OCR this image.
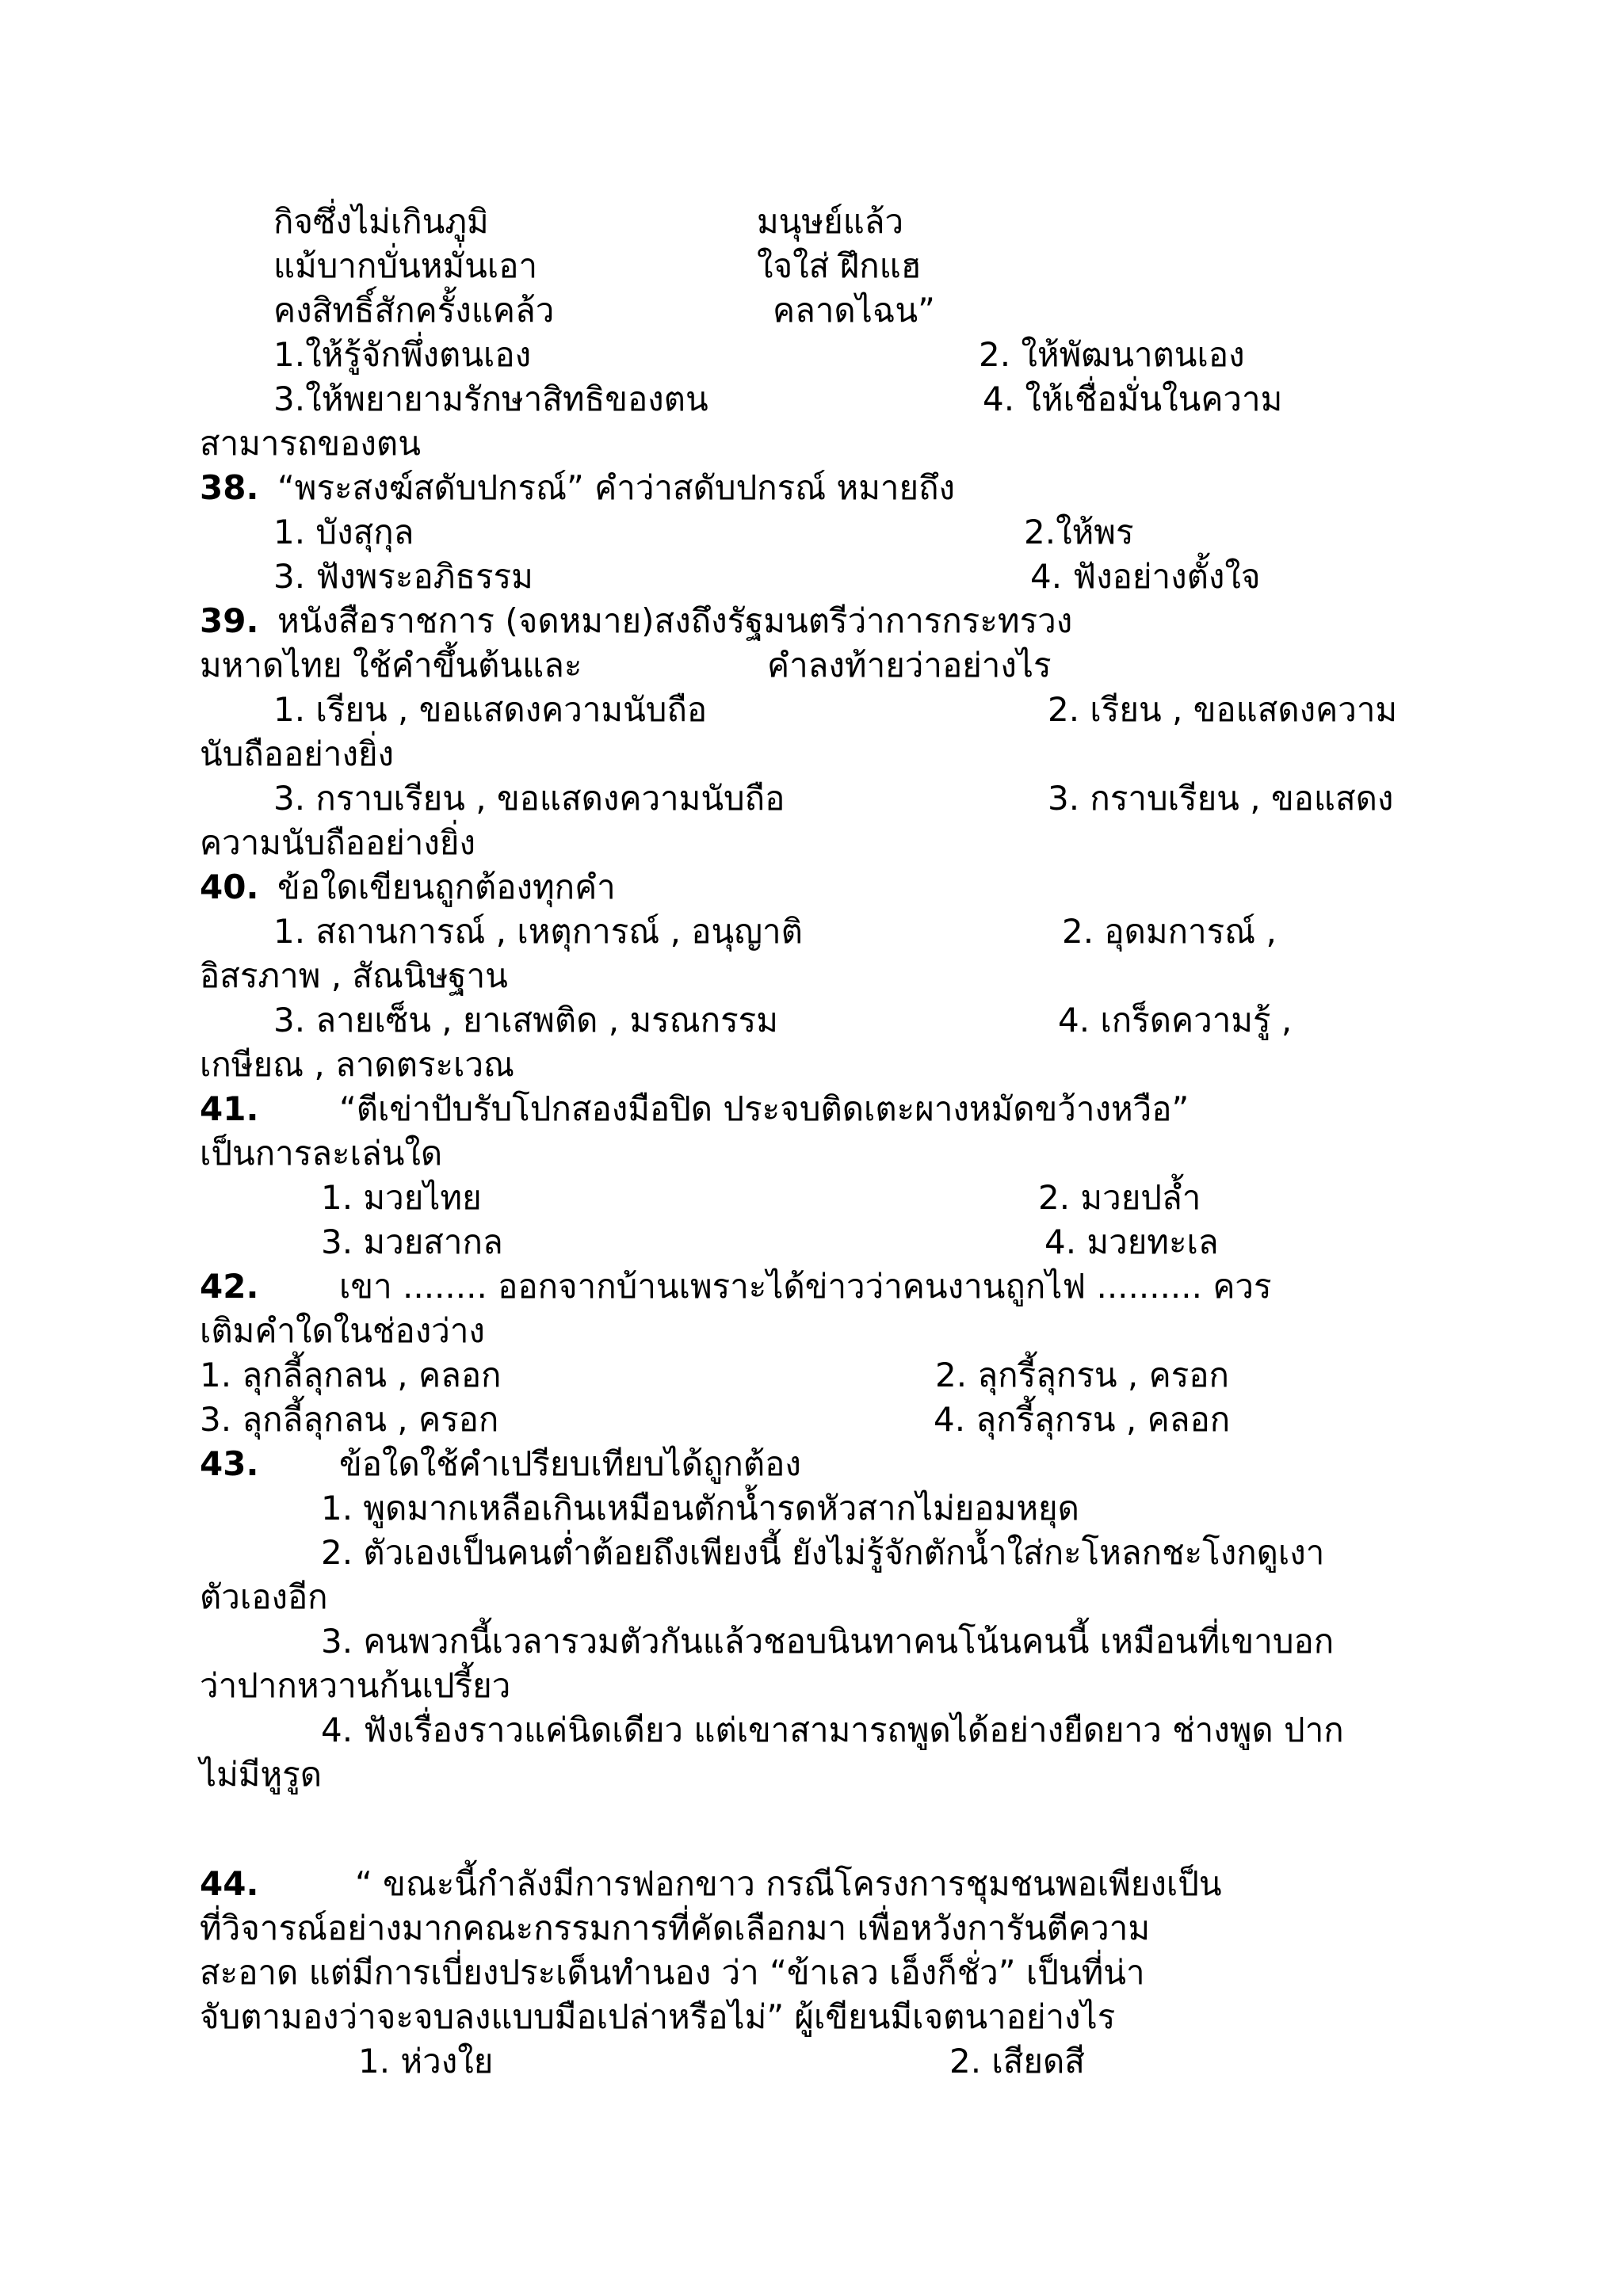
กิจซึ่งไม่เกินภูมิ	มนุษย์แล้ว

แม้บากบั่นหมั่นเอา	ใจใส่ ฝึกแฮ

คงสิทธิ์สักครั้งแคล้ว	คลาดไฉน”

1.ให้รู้จักพึ่งตนเอง	2. ให้พัฒนาตนเอง

3.ให้พยายามรักษาสิทธิของตน	4. ให้เชื่อมั่นในความ

สามารถของตน

38. “พระสงฆ์สดับปกรณ์” คำว่าสดับปกรณ์ หมายถึง

1. บังสุกุล	2.ให้พร

3. ฟังพระอภิธรรม	4. ฟังอย่างตั้งใจ

39. หนังสือราชการ (จดหมาย)สงถึงรัฐมนตรีว่าการกระทรวง

มหาดไทย ใช้คำขึ้นต้นและ	คำลงท้ายว่าอย่างไร

1. เรียน , ขอแสดงความนับถือ	2. เรียน , ขอแสดงความ

นับถืออย่างยิ่ง

3. กราบเรียน , ขอแสดงความนับถือ	3. กราบเรียน , ขอแสดง

ความนับถืออย่างยิ่ง

40. ข้อใดเขียนถูกต้องทุกคำ

1. สถานการณ์ , เหตุการณ์ , อนุญาติ	2. อุดมการณ์ ,

อิสรภาพ , สัณนิษฐาน

3. ลายเซ็น , ยาเสพติด , มรณกรรม	4. เกร็ดความรู้ ,

เกษียณ , ลาดตระเวณ

41. “ตีเข่าปับรับโปกสองมือปิด ประจบติดเตะผางหมัดขว้างหวือ”

เป็นการละเล่นใด

1. มวยไทย	2. มวยปล้ำ

3. มวยสากล	4. มวยทะเล

42. เขา ........ ออกจากบ้านเพราะได้ข่าวว่าคนงานถูกไฟ .......... ควร

เติมคำใดในช่องว่าง

1. ลุกลี้ลุกลน , คลอก	2. ลุกรี้ลุกรน , ครอก

3. ลุกลี้ลุกลน , ครอก	4. ลุกรี้ลุกรน , คลอก

43. ข้อใดใช้คำเปรียบเทียบได้ถูกต้อง

1. พูดมากเหลือเกินเหมือนตักน้ำรดหัวสากไม่ยอมหยุด

2. ตัวเองเป็นคนต่ำต้อยถึงเพียงนี้ ยังไม่รู้จักตักน้ำใส่กะโหลกชะโงกดูเงา

ตัวเองอีก

3. คนพวกนี้เวลารวมตัวกันแล้วชอบนินทาคนโน้นคนนี้ เหมือนที่เขาบอก

ว่าปากหวานก้นเปรี้ยว

4. ฟังเรื่องราวแค่นิดเดียว แต่เขาสามารถพูดได้อย่างยืดยาว ช่างพูด ปาก

ไม่มีหูรูด

44.	“ ขณะนี้กำลังมีการฟอกขาว กรณีโครงการชุมชนพอเพียงเป็น

ที่วิจารณ์อย่างมากคณะกรรมการที่คัดเลือกมา เพื่อหวังการันตีความ

สะอาด แต่มีการเบี่ยงประเด็นทำนอง ว่า “ข้าเลว เอ็งก็ชั่ว” เป็นที่น่า

จับตามองว่าจะจบลงแบบมือเปล่าหรือไม่” ผู้เขียนมีเจตนาอย่างไร

1. ห่วงใย	2. เสียดสี
